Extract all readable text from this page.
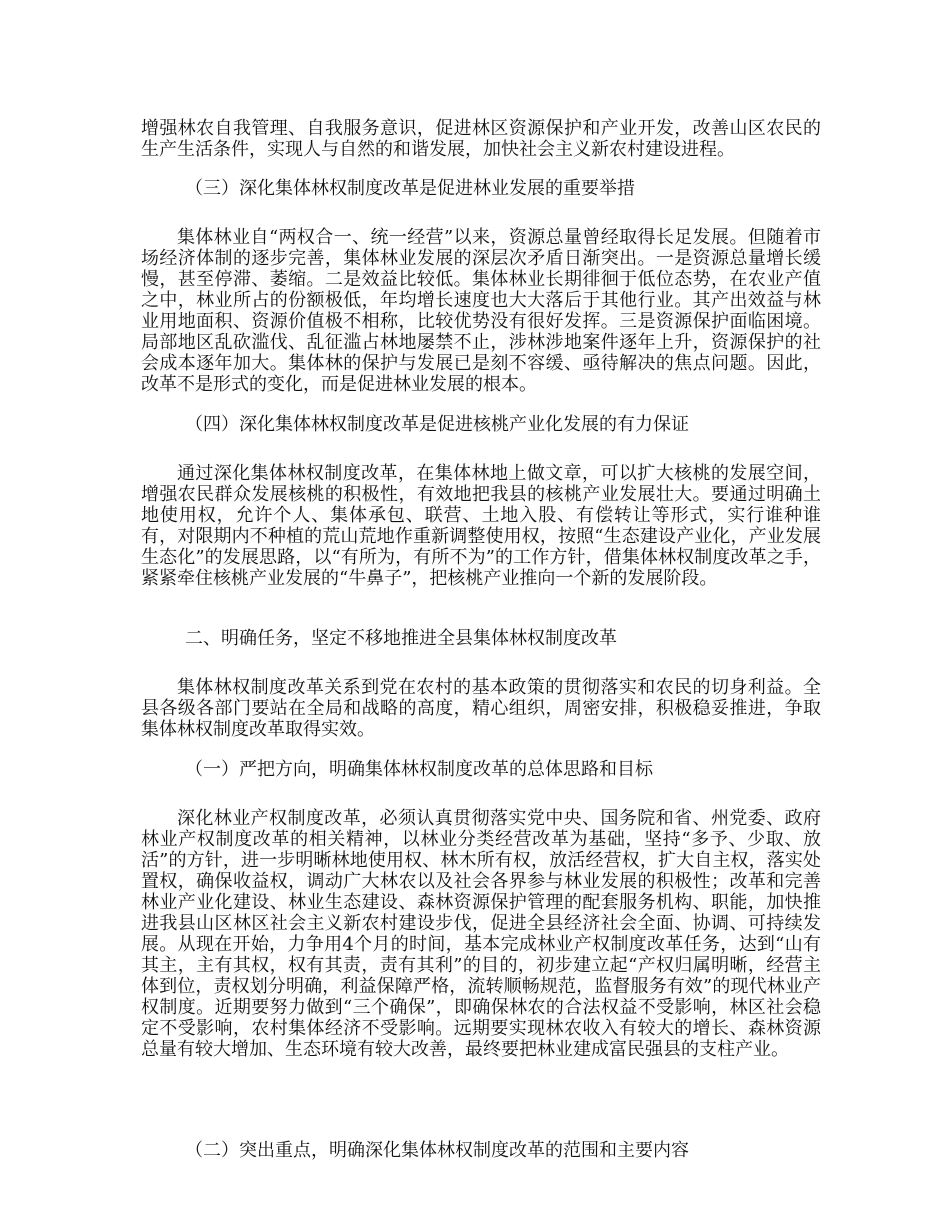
增强林农自我管理、自我服务意识，促进林区资源保护和产业开发，改善山区农民的生产生活条件，实现人与自然的和谐发展，加快社会主义新农村建设进程。
（三）深化集体林权制度改革是促进林业发展的重要举措
集体林业自“两权合一、统一经营”以来，资源总量曾经取得长足发展。但随着市场经济体制的逐步完善，集体林业发展的深层次矛盾日渐突出。一是资源总量增长缓慢，甚至停滞、萎缩。二是效益比较低。集体林业长期徘徊于低位态势，在农业产值之中，林业所占的份额极低，年均增长速度也大大落后于其他行业。其产出效益与林业用地面积、资源价值极不相称，比较优势没有很好发挥。三是资源保护面临困境。局部地区乱砍滥伐、乱征滥占林地屡禁不止，涉林涉地案件逐年上升，资源保护的社会成本逐年加大。集体林的保护与发展已是刻不容缓、亟待解决的焦点问题。因此，改革不是形式的变化，而是促进林业发展的根本。
（四）深化集体林权制度改革是促进核桃产业化发展的有力保证
通过深化集体林权制度改革，在集体林地上做文章，可以扩大核桃的发展空间，增强农民群众发展核桃的积极性，有效地把我县的核桃产业发展壮大。要通过明确土地使用权，允许个人、集体承包、联营、土地入股、有偿转让等形式，实行谁种谁有，对限期内不种植的荒山荒地作重新调整使用权，按照“生态建设产业化，产业发展生态化”的发展思路，以“有所为，有所不为”的工作方针，借集体林权制度改革之手，紧紧牵住核桃产业发展的“牛鼻子”，把核桃产业推向一个新的发展阶段。
二、明确任务，坚定不移地推进全县集体林权制度改革
集体林权制度改革关系到党在农村的基本政策的贯彻落实和农民的切身利益。全县各级各部门要站在全局和战略的高度，精心组织，周密安排，积极稳妥推进，争取集体林权制度改革取得实效。
（一）严把方向，明确集体林权制度改革的总体思路和目标
深化林业产权制度改革，必须认真贯彻落实党中央、国务院和省、州党委、政府林业产权制度改革的相关精神，以林业分类经营改革为基础，坚持“多予、少取、放活”的方针，进一步明晰林地使用权、林木所有权，放活经营权，扩大自主权，落实处置权，确保收益权，调动广大林农以及社会各界参与林业发展的积极性；改革和完善林业产业化建设、林业生态建设、森林资源保护管理的配套服务机构、职能，加快推进我县山区林区社会主义新农村建设步伐，促进全县经济社会全面、协调、可持续发展。从现在开始，力争用4个月的时间，基本完成林业产权制度改革任务，达到“山有其主，主有其权，权有其责，责有其利”的目的，初步建立起“产权归属明晰，经营主体到位，责权划分明确，利益保障严格，流转顺畅规范，监督服务有效”的现代林业产权制度。近期要努力做到“三个确保”，即确保林农的合法权益不受影响，林区社会稳定不受影响，农村集体经济不受影响。远期要实现林农收入有较大的增长、森林资源总量有较大增加、生态环境有较大改善，最终要把林业建成富民强县的支柱产业。
（二）突出重点，明确深化集体林权制度改革的范围和主要内容
